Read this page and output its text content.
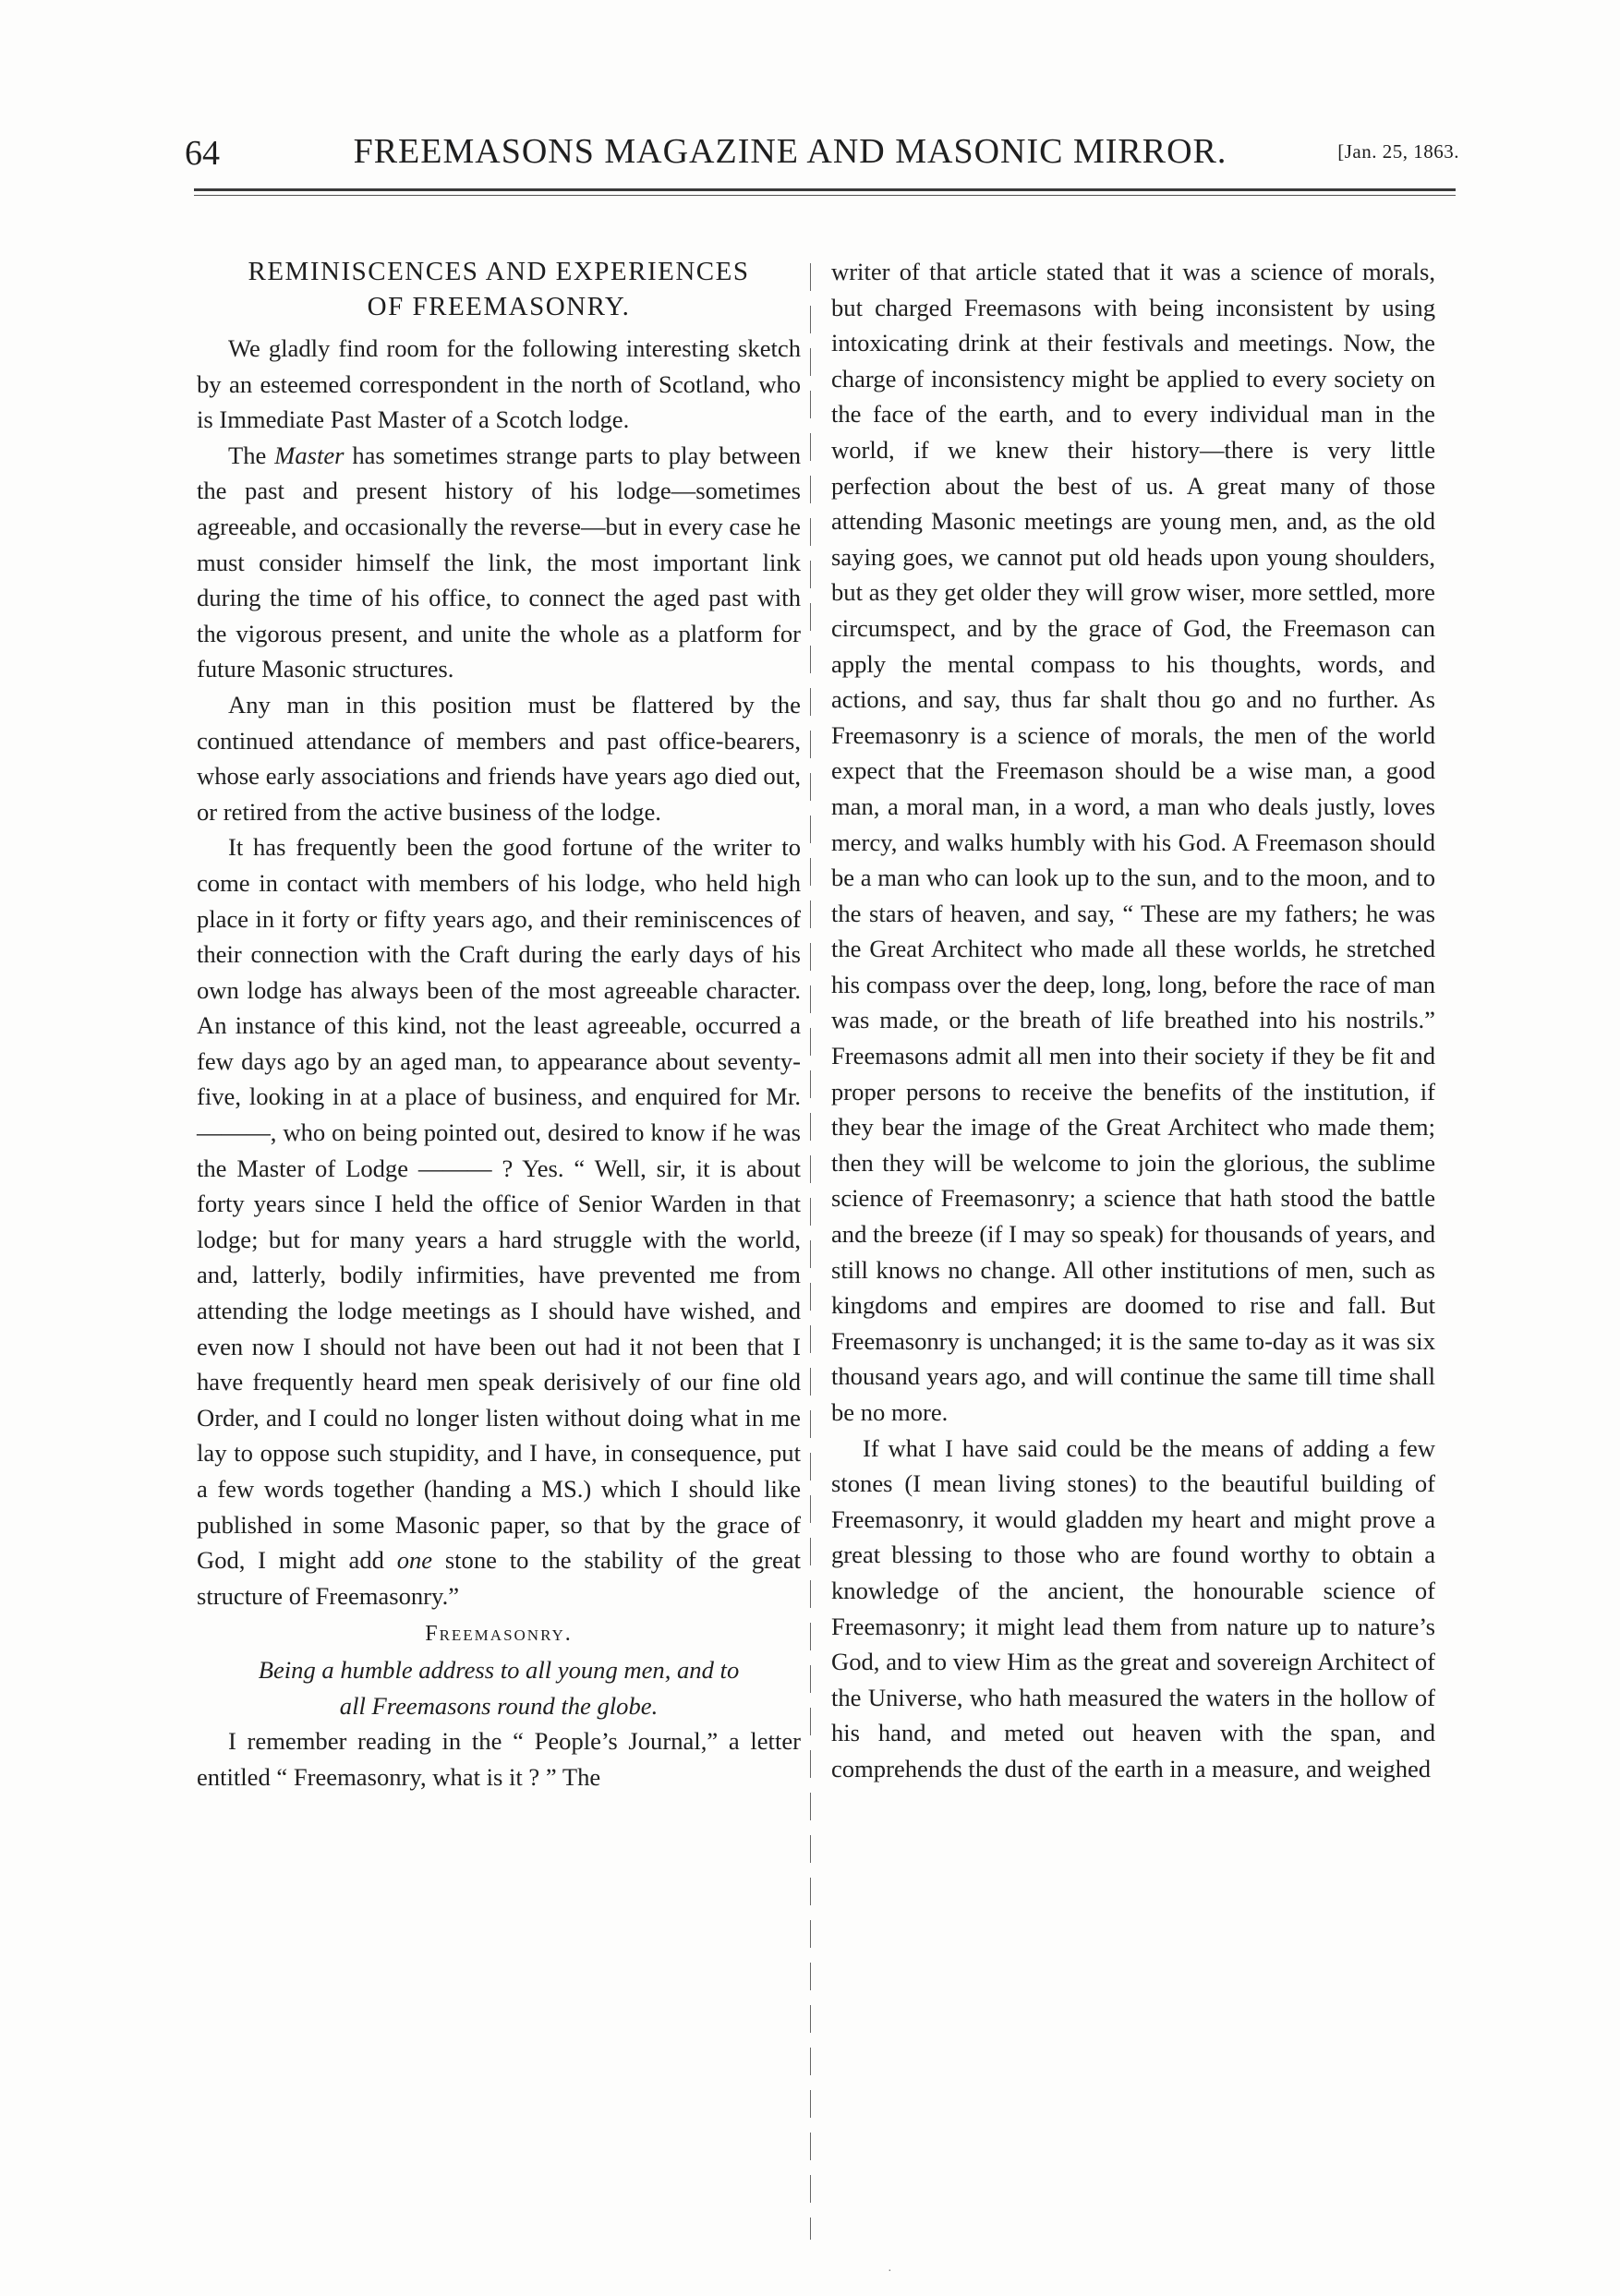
64	FREEMASONS MAGAZINE AND MASONIC MIRROR.	[Jan. 25, 1863.
REMINISCENCES AND EXPERIENCES
OF FREEMASONRY.

We gladly find room for the following interesting sketch by an esteemed correspondent in the north of Scotland, who is Immediate Past Master of a Scotch lodge.

The Master has sometimes strange parts to play between the past and present history of his lodge—sometimes agreeable, and occasionally the reverse—but in every case he must consider himself the link, the most important link during the time of his office, to connect the aged past with the vigorous present, and unite the whole as a platform for future Masonic structures.

Any man in this position must be flattered by the continued attendance of members and past office-bearers, whose early associations and friends have years ago died out, or retired from the active business of the lodge.

It has frequently been the good fortune of the writer to come in contact with members of his lodge, who held high place in it forty or fifty years ago, and their reminiscences of their connection with the Craft during the early days of his own lodge has always been of the most agreeable character. An instance of this kind, not the least agreeable, occurred a few days ago by an aged man, to appearance about seventy-five, looking in at a place of business, and enquired for Mr. ———, who on being pointed out, desired to know if he was the Master of Lodge ——— ? Yes. “ Well, sir, it is about forty years since I held the office of Senior Warden in that lodge; but for many years a hard struggle with the world, and, latterly, bodily infirmities, have prevented me from attending the lodge meetings as I should have wished, and even now I should not have been out had it not been that I have frequently heard men speak derisively of our fine old Order, and I could no longer listen without doing what in me lay to oppose such stupidity, and I have, in consequence, put a few words together (handing a MS.) which I should like published in some Masonic paper, so that by the grace of God, I might add one stone to the stability of the great structure of Freemasonry.”

Freemasonry.

Being a humble address to all young men, and to
all Freemasons round the globe.

I remember reading in the “ People’s Journal,” a letter entitled “ Freemasonry, what is it ? ” The

writer of that article stated that it was a science of morals, but charged Freemasons with being inconsistent by using intoxicating drink at their festivals and meetings. Now, the charge of inconsistency might be applied to every society on the face of the earth, and to every individual man in the world, if we knew their history—there is very little perfection about the best of us. A great many of those attending Masonic meetings are young men, and, as the old saying goes, we cannot put old heads upon young shoulders, but as they get older they will grow wiser, more settled, more circumspect, and by the grace of God, the Freemason can apply the mental compass to his thoughts, words, and actions, and say, thus far shalt thou go and no further. As Freemasonry is a science of morals, the men of the world expect that the Freemason should be a wise man, a good man, a moral man, in a word, a man who deals justly, loves mercy, and walks humbly with his God. A Freemason should be a man who can look up to the sun, and to the moon, and to the stars of heaven, and say, “ These are my fathers; he was the Great Architect who made all these worlds, he stretched his compass over the deep, long, long, before the race of man was made, or the breath of life breathed into his nostrils.” Freemasons admit all men into their society if they be fit and proper persons to receive the benefits of the institution, if they bear the image of the Great Architect who made them; then they will be welcome to join the glorious, the sublime science of Freemasonry; a science that hath stood the battle and the breeze (if I may so speak) for thousands of years, and still knows no change. All other institutions of men, such as kingdoms and empires are doomed to rise and fall. But Freemasonry is unchanged; it is the same to-day as it was six thousand years ago, and will continue the same till time shall be no more.

If what I have said could be the means of adding a few stones (I mean living stones) to the beautiful building of Freemasonry, it would gladden my heart and might prove a great blessing to those who are found worthy to obtain a knowledge of the ancient, the honourable science of Freemasonry; it might lead them from nature up to nature’s God, and to view Him as the great and sovereign Architect of the Universe, who hath measured the waters in the hollow of his hand, and meted out heaven with the span, and comprehends the dust of the earth in a measure, and weighed

·
